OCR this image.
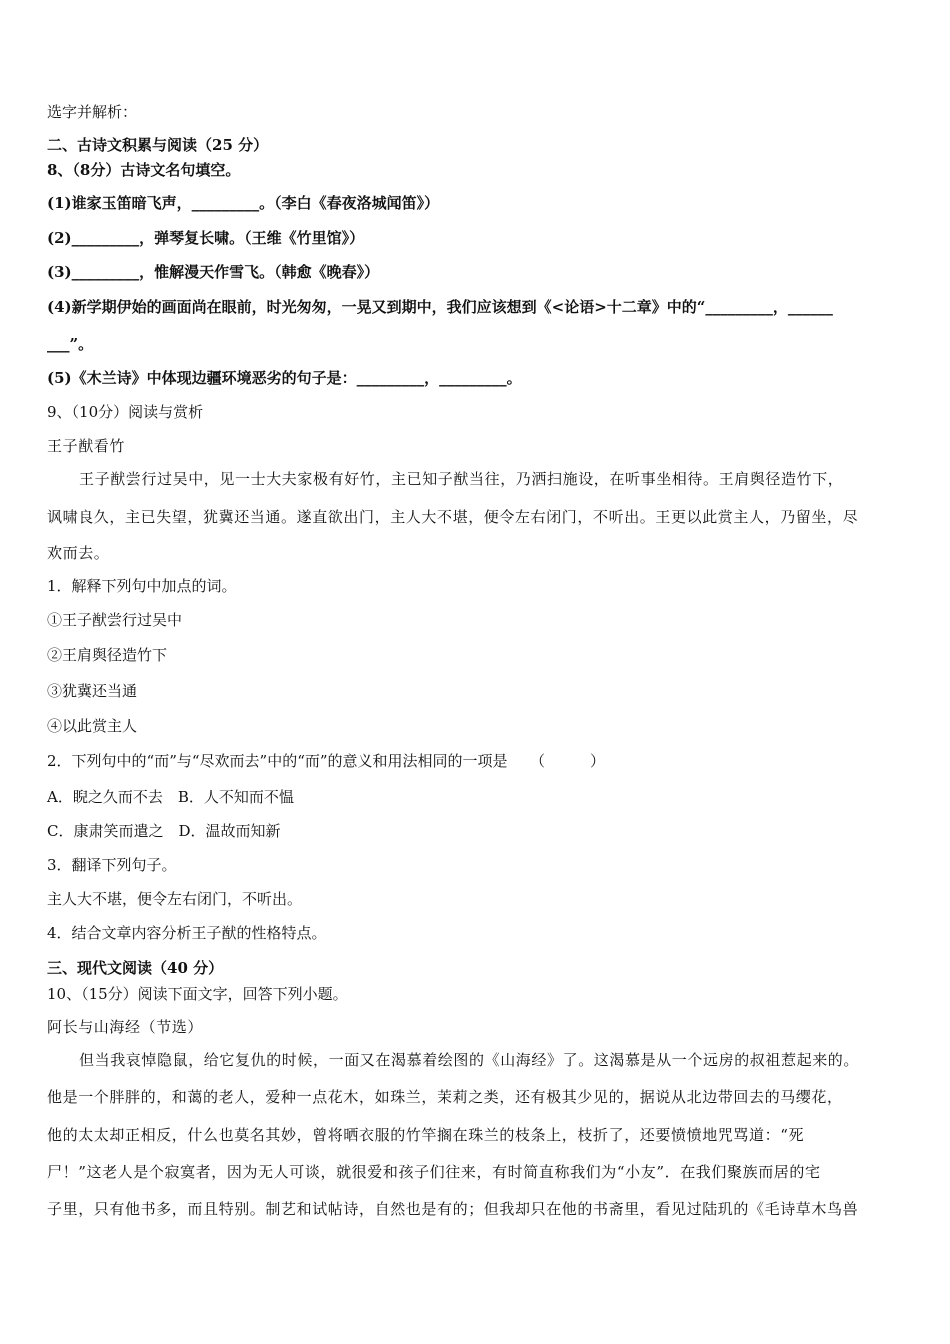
选字并解析：
二、古诗文积累与阅读（25 分）
8、（8分）古诗文名句填空。
(1)谁家玉笛暗飞声，_________。（李白《春夜洛城闻笛》）
(2)_________，弹琴复长啸。（王维《竹里馆》）
(3)_________，惟解漫天作雪飞。（韩愈《晚春》）
(4)新学期伊始的画面尚在眼前，时光匆匆，一晃又到期中，我们应该想到《<论语>十二章》中的“_________，______
___”。
(5)《木兰诗》中体现边疆环境恶劣的句子是：_________，_________。
9、（10分）阅读与赏析
王子猷看竹
王子猷尝行过吴中，见一士大夫家极有好竹，主已知子猷当往，乃洒扫施设，在听事坐相待。王肩舆径造竹下，
讽啸良久，主已失望，犹冀还当通。遂直欲出门，主人大不堪，便令左右闭门，不听出。王更以此赏主人，乃留坐，尽
欢而去。
1．解释下列句中加点的词。
①王子猷尝行过吴中
②王肩舆径造竹下
③犹冀还当通
④以此赏主人
2．下列句中的“而”与“尽欢而去”中的“而”的意义和用法相同的一项是　　（　　　）
A．睨之久而不去　B．人不知而不愠
C．康肃笑而遣之　D．温故而知新
3．翻译下列句子。
主人大不堪，便令左右闭门，不听出。
4．结合文章内容分析王子猷的性格特点。
三、现代文阅读（40 分）
10、（15分）阅读下面文字，回答下列小题。
阿长与山海经（节选）
但当我哀悼隐鼠，给它复仇的时候，一面又在渴慕着绘图的《山海经》了。这渴慕是从一个远房的叔祖惹起来的。
他是一个胖胖的，和蔼的老人，爱种一点花木，如珠兰，茉莉之类，还有极其少见的，据说从北边带回去的马缨花，
他的太太却正相反，什么也莫名其妙，曾将晒衣服的竹竿搁在珠兰的枝条上，枝折了，还要愤愤地咒骂道：“死
尸！”这老人是个寂寞者，因为无人可谈，就很爱和孩子们往来，有时简直称我们为“小友”．在我们聚族而居的宅
子里，只有他书多，而且特别。制艺和试帖诗，自然也是有的；但我却只在他的书斋里，看见过陆玑的《毛诗草木鸟兽
